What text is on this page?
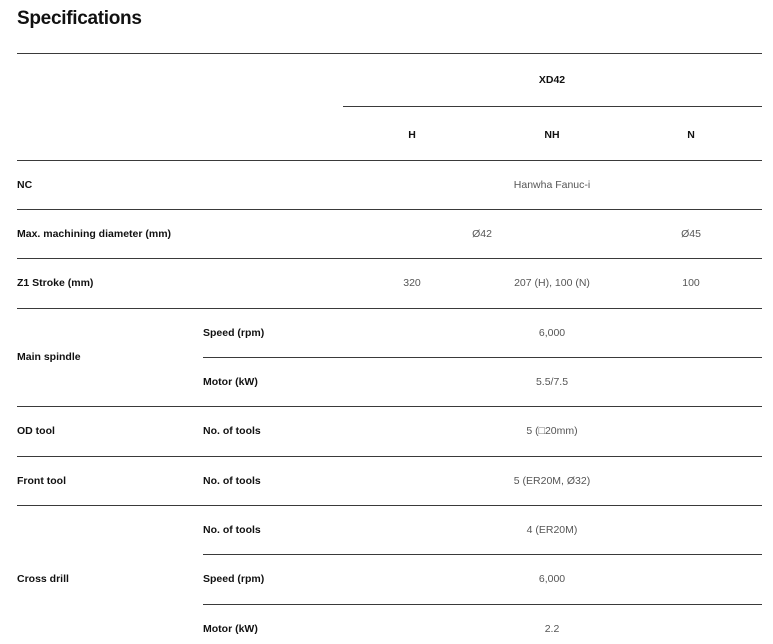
Specifications
XD42
H	NH	N
NC	Hanwha Fanuc-i
Max. machining diameter (mm)	Ø42	Ø45
Z1 Stroke (mm)	320	207 (H), 100 (N)	100
Main spindle
Speed (rpm)	6,000
Motor (kW)	5.5/7.5
OD tool	No. of tools	5 (□20mm)
Front tool	No. of tools	5 (ER20M, Ø32)
Cross drill
No. of tools	4 (ER20M)
Speed (rpm)	6,000
Motor (kW)	2.2
